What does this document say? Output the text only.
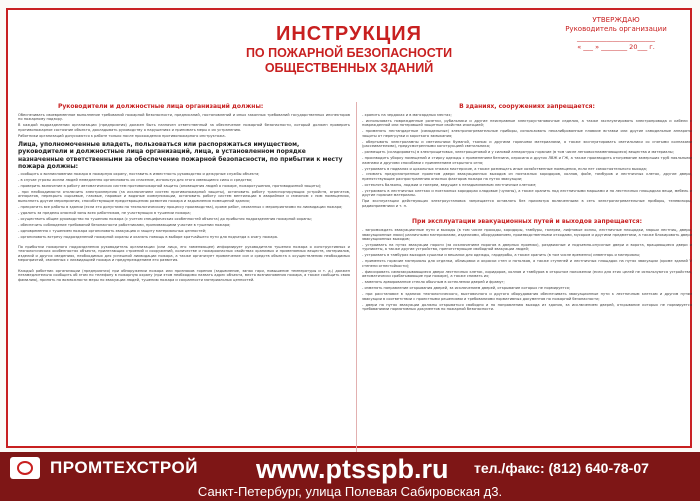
УТВЕРЖДАЮ
Руководитель организации
________________________
« ___ » ________ 20___ г.
ИНСТРУКЦИЯ
ПО ПОЖАРНОЙ БЕЗОПАСНОСТИ
ОБЩЕСТВЕННЫХ ЗДАНИЙ
Руководители и должностные лица организаций должны:
Обеспечивать своевременное выполнение требований пожарной безопасности, предписаний, постановлений и иных законных требований государственных инспекторов по пожарному надзору.
В каждой подразделении организации (предприятия) должен быть назначен ответственный за обеспечение пожарной безопасности, который должен проверить противопожарное состояние объекта, докладывать руководству о нарушениях и принимать меры к их устранению.
Работники организаций допускаются к работе только после прохождения противопожарного инструктажа.
Лица, уполномоченные владеть, пользоваться или распоряжаться имуществом, руководители и должностные лица организаций, лица, в установленном порядке назначенные ответственными за обеспечение пожарной безопасности, по прибытии к месту пожара должны:
- сообщить о возникновении пожара в пожарную охрану, поставить в известность руководство и дежурные службы объекта;
- в случае угрозы жизни людей немедленно организовать их спасение, используя для этого имеющиеся силы и средства;
- проверить включение в работу автоматических систем противопожарной защиты (оповещения людей о пожаре, пожаротушения, противодымной защиты);
- при необходимости отключить электроэнергию (за исключением систем противопожарной защиты), остановить работу транспортирующих устройств, агрегатов, аппаратов, перекрыть сырьевые, газовые, паровые и водяные коммуникации, остановить работу систем вентиляции в аварийном и смежном с ним помещениях, выполнить другие мероприятия, способствующие предотвращению развития пожара и задымления помещений здания;
- прекратить все работы в здании (если это допустимо по технологическому процессу производства), кроме работ, связанных с мероприятиями по ликвидации пожара;
- удалить за пределы опасной зоны всех работников, не участвующих в тушении пожара;
- осуществить общее руководство по тушению пожара (с учетом специфических особенностей объекта) до прибытия подразделения пожарной охраны;
- обеспечить соблюдение требований безопасности работниками, принимающими участие в тушении пожара;
- одновременно с тушением пожара организовать эвакуацию и защиту материальных ценностей;
- организовать встречу подразделений пожарной охраны и оказать помощь в выборе кратчайшего пути для подъезда к очагу пожара.
По прибытии пожарного подразделения руководитель организации (или лицо, его заменяющее) информирует руководителя тушения пожара о конструктивных и технологических особенностях объекта, прилегающих строений и сооружений, количестве и пожароопасных свойствах хранимых и применяемых веществ, материалов, изделий и других сведениях, необходимых для успешной ликвидации пожара, а также организует привлечение сил и средств объекта к осуществлению необходимых мероприятий, связанных с ликвидацией пожара и предупреждением его развития.
Каждый работник организации (предприятия) при обнаружении пожара или признаков горения (задымление, запах гари, повышение температуры и т. д.) должен незамедлительно сообщить об этом по телефону в пожарную охрану (при этом необходимо назвать адрес объекта, место возникновения пожара, а также сообщить свою фамилию), принять по возможности меры по эвакуации людей, тушению пожара и сохранности материальных ценностей.
В зданиях, сооружениях запрещается:
- хранить на чердаках и в мансардных местах;
- использовать поврежденные розетки, рубильники и другие неисправные электроустановочные изделия, а также эксплуатировать электропровода и кабели с поврежденной или потерявшей защитные свойства изоляцией;
- применять нестандартные (самодельные) электронагревательные приборы, использовать некалиброванные плавкие вставки или другие самодельные аппараты защиты от перегрузки и короткого замыкания;
- обертывать электролампы и светильники бумагой, тканью и другими горючими материалами, а также эксплуатировать светильники со снятыми колпаками (рассеивателями), предусмотренными конструкцией светильника;
- размещать (складировать) в электрощитовых, электрощитовой и у силовой аппаратуры горючие (в том числе легковоспламеняющиеся) вещества и материалы;
- производить уборку помещений и стирку одежды с применением бензина, керосина и других ЛВЖ и ГЖ, а также производить отогревание замерзших труб паяльными лампами и другими способами с применением открытого огня;
- устраивать в подвалах и цокольных этажах мастерские, а также размещать иные хозяйственные помещения, если нет самостоятельного выхода;
- снимать предусмотренные проектом двери эвакуационных выходов из поэтажных коридоров, холлов, фойе, тамбуров и лестничных клеток, другие двери, препятствующие распространению опасных факторов пожара на путях эвакуации;
- остеклять балконы, лоджии и галереи, ведущие к незадымляемым лестничным клеткам;
- устраивать в лестничных клетках и поэтажных коридорах кладовые (чуланы), а также хранить под лестничными маршами и на лестничных площадках вещи, мебель и другие горючие материалы.
При эксплуатации действующих электроустановок запрещается оставлять без присмотра включенными в сеть электронагревательные приборы, телевизоры, радиоприемники и т. п.
При эксплуатации эвакуационных путей и выходов запрещается:
- загромождать эвакуационные пути и выходы (в том числе проходы, коридоры, тамбуры, галереи, лифтовые холлы, лестничные площадки, марши лестниц, двери, эвакуационные люки) различными материалами, изделиями, оборудованием, производственными отходами, мусором и другими предметами, а также блокировать двери эвакуационных выходов;
- устраивать на путях эвакуации пороги (за исключением порогов в дверных проемах), раздвижные и подъемно-опускные двери и ворота, вращающиеся двери и турникеты, а также другие устройства, препятствующие свободной эвакуации людей;
- устраивать в тамбурах выходов сушилки и вешалки для одежды, гардеробы, а также хранить (в том числе временно) инвентарь и материалы;
- применять горючие материалы для отделки, облицовки и окраски стен и потолков, а также ступеней и лестничных площадок на путях эвакуации (кроме зданий V степени огнестойкости);
- фиксировать самозакрывающиеся двери лестничных клеток, коридоров, холлов и тамбуров в открытом положении (если для этих целей не используются устройства, автоматически срабатывающие при пожаре), а также снимать их;
- заменять армированное стекло обычным в остеклении дверей и фрамуг;
- изменять направление открывания дверей, за исключением дверей, открывание которых не нормируется;
- при расстановке в зданиях технологического, выставочного и другого оборудования обеспечивать эвакуационные пути к лестничным клеткам и другим путям эвакуации в соответствии с проектными решениями и требованиями нормативных документов по пожарной безопасности;
- двери на путях эвакуации должны открываться свободно и по направлению выхода из здания, за исключением дверей, открывание которых не нормируется требованиями нормативных документов по пожарной безопасности.
ПРОМТЕХСТРОЙ www.ptsspb.ru тел./факс: (812) 640-78-07
Санкт-Петербург, улица Полевая Сабировская д3.
